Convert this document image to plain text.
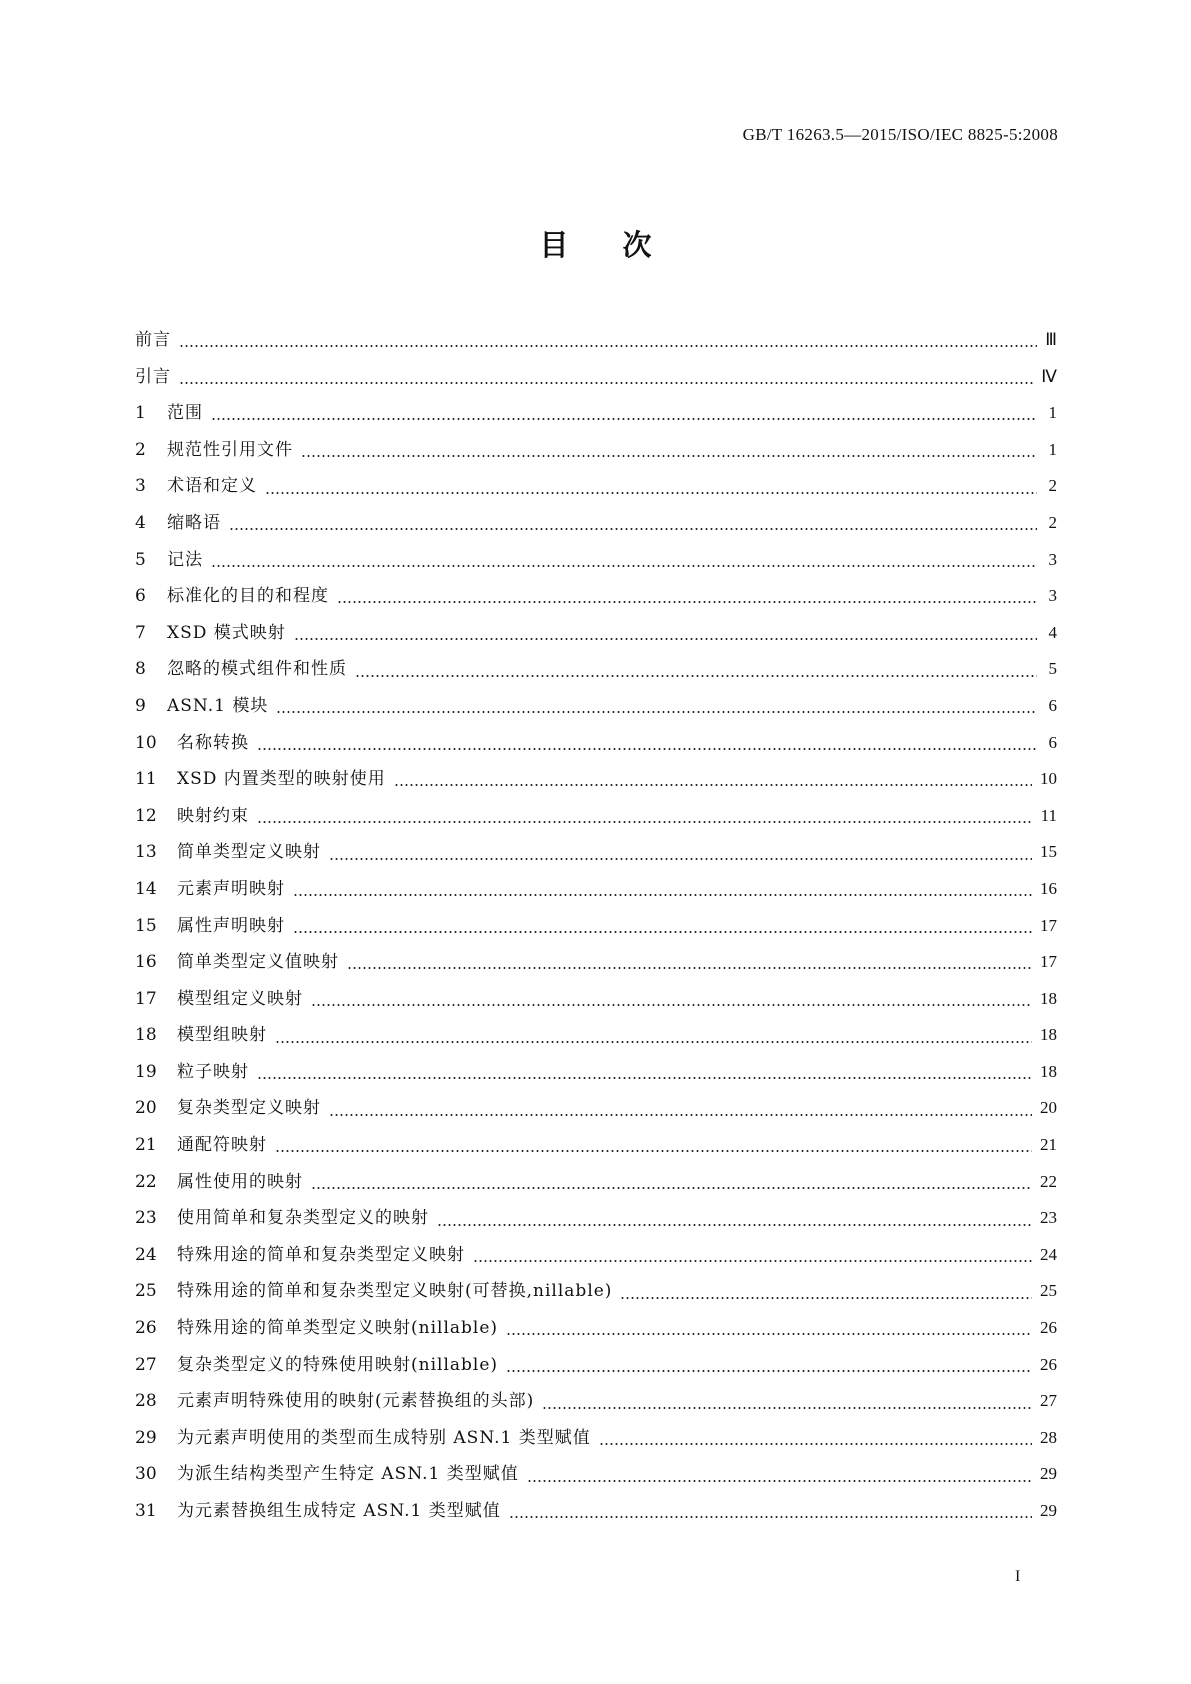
GB/T 16263.5—2015/ISO/IEC 8825-5:2008
目次
前言	Ⅲ
引言	Ⅳ
1	范围	1
2	规范性引用文件	1
3	术语和定义	2
4	缩略语	2
5	记法	3
6	标准化的目的和程度	3
7	XSD 模式映射	4
8	忽略的模式组件和性质	5
9	ASN.1 模块	6
10	名称转换	6
11	XSD 内置类型的映射使用	10
12	映射约束	11
13	简单类型定义映射	15
14	元素声明映射	16
15	属性声明映射	17
16	简单类型定义值映射	17
17	模型组定义映射	18
18	模型组映射	18
19	粒子映射	18
20	复杂类型定义映射	20
21	通配符映射	21
22	属性使用的映射	22
23	使用简单和复杂类型定义的映射	23
24	特殊用途的简单和复杂类型定义映射	24
25	特殊用途的简单和复杂类型定义映射(可替换,nillable)	25
26	特殊用途的简单类型定义映射(nillable)	26
27	复杂类型定义的特殊使用映射(nillable)	26
28	元素声明特殊使用的映射(元素替换组的头部)	27
29	为元素声明使用的类型而生成特别 ASN.1 类型赋值	28
30	为派生结构类型产生特定 ASN.1 类型赋值	29
31	为元素替换组生成特定 ASN.1 类型赋值	29
I
